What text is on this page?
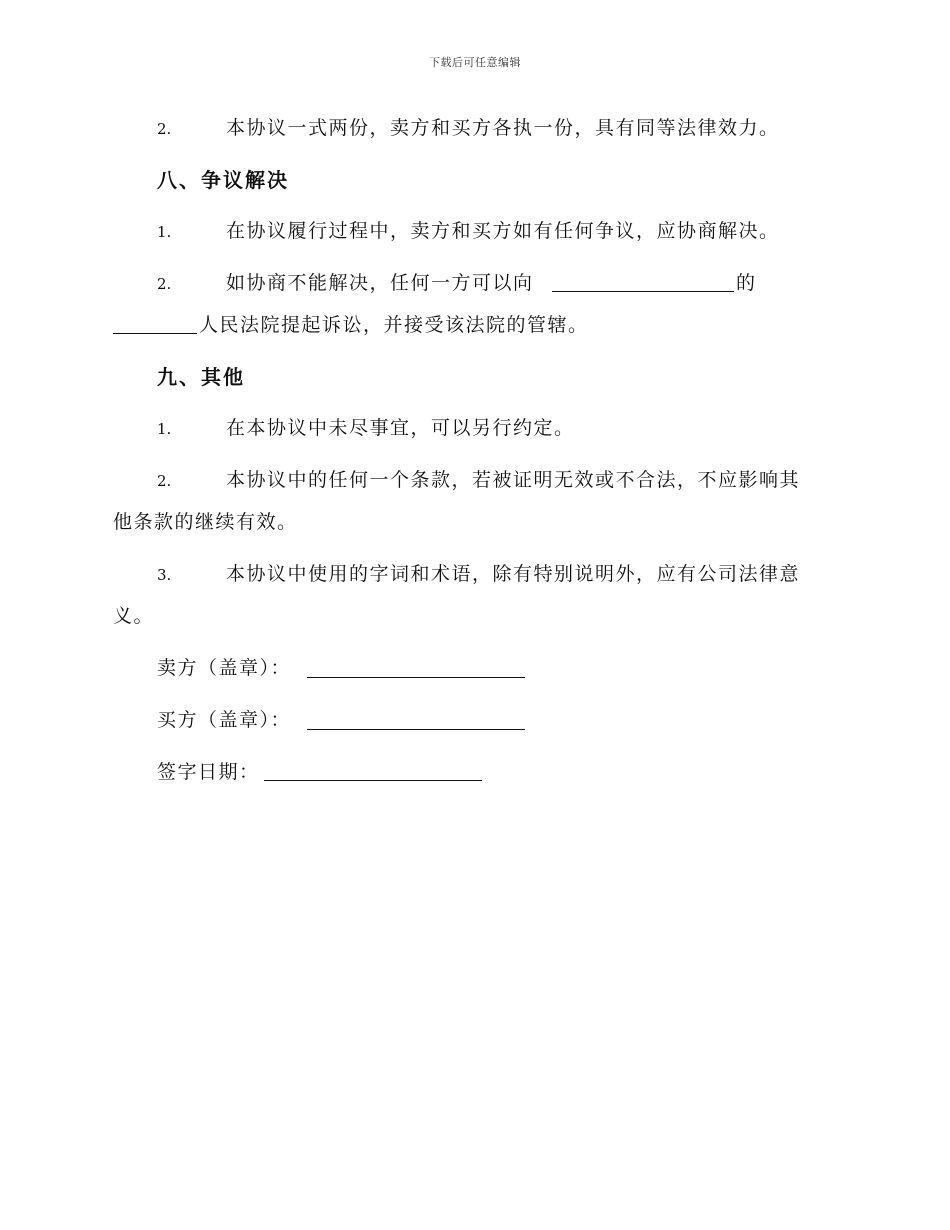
下载后可任意编辑
2.	本协议一式两份，卖方和买方各执一份，具有同等法律效力。
八、争议解决
1.	在协议履行过程中，卖方和买方如有任何争议，应协商解决。
2.	如协商不能解决，任何一方可以向	的
人民法院提起诉讼，并接受该法院的管辖。
九、其他
1.	在本协议中未尽事宜，可以另行约定。
2.	本协议中的任何一个条款，若被证明无效或不合法，不应影响其
他条款的继续有效。
3.	本协议中使用的字词和术语，除有特别说明外，应有公司法律意
义。
卖方（盖章）：
买方（盖章）：
签字日期：
